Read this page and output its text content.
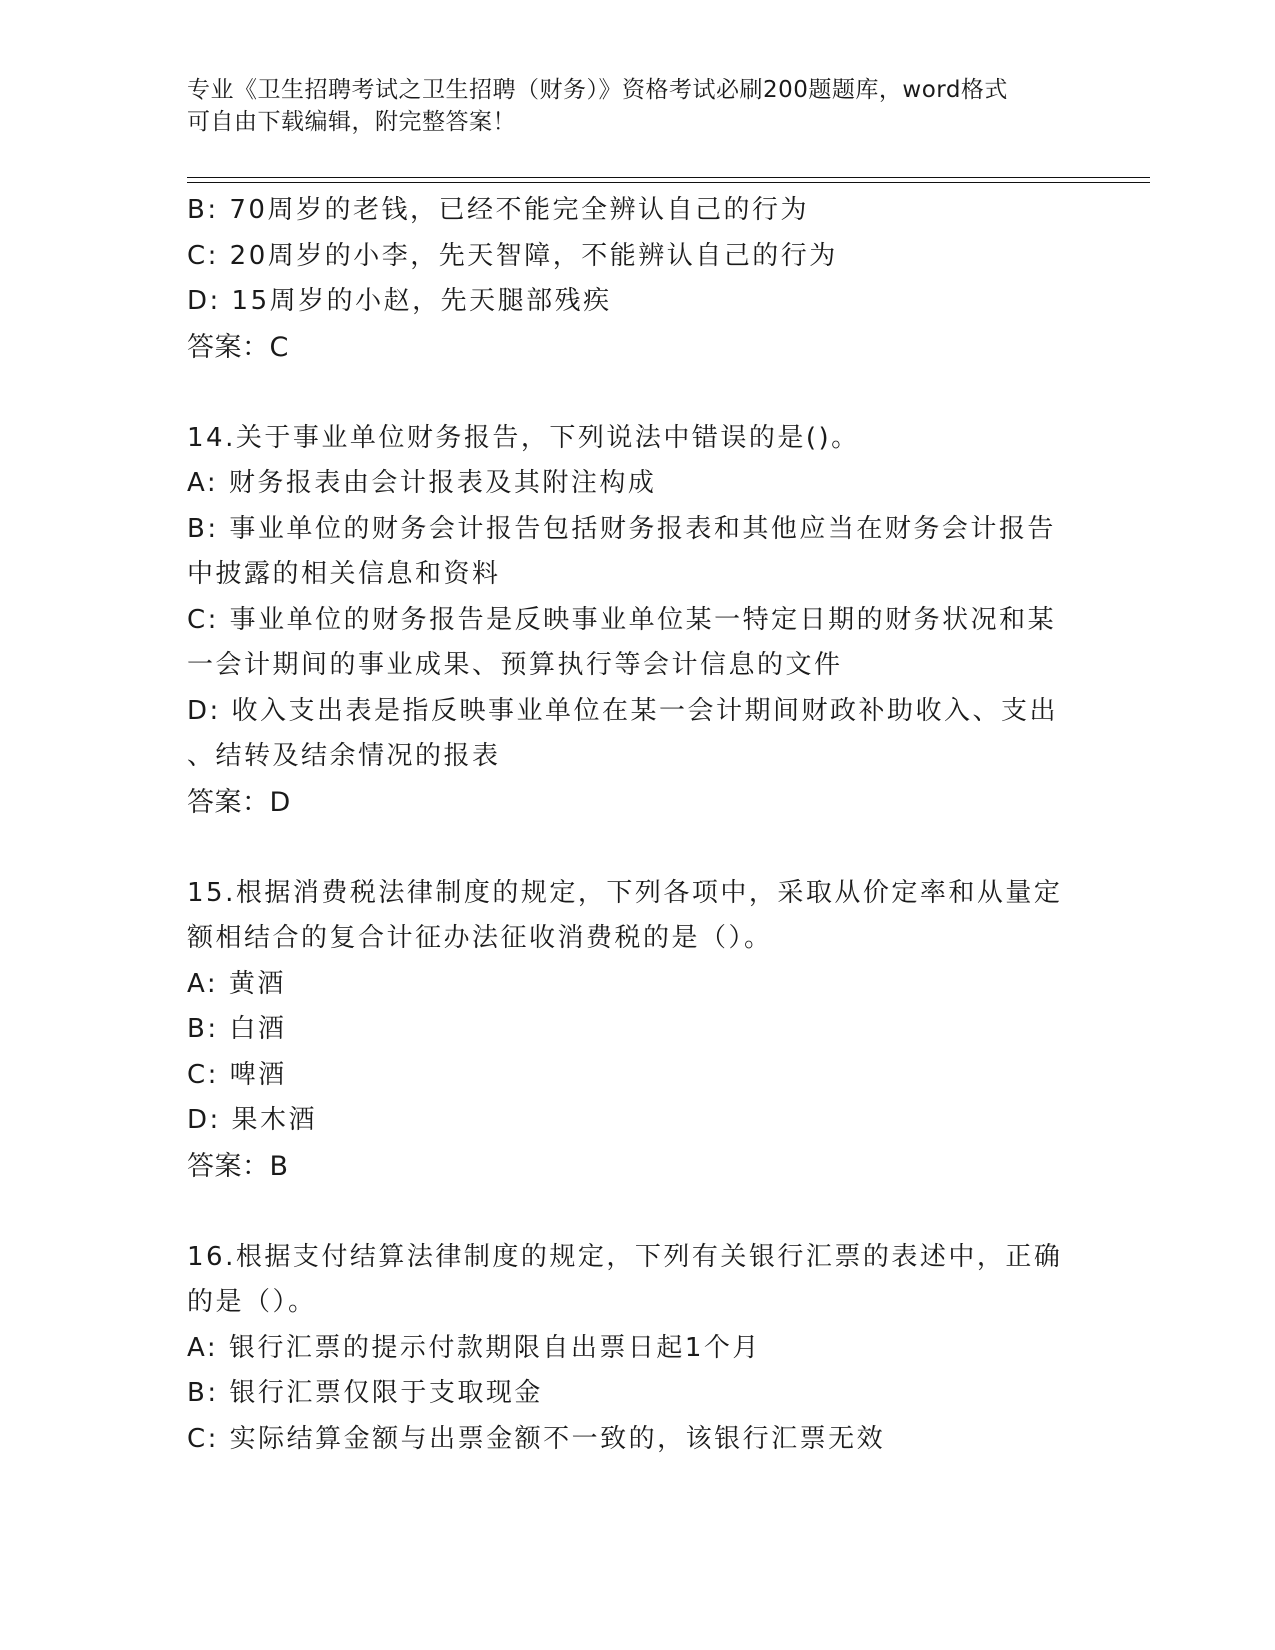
专业《卫生招聘考试之卫生招聘（财务）》资格考试必刷200题题库，word格式
可自由下载编辑，附完整答案！
B: 70周岁的老钱，已经不能完全辨认自己的行为
C: 20周岁的小李，先天智障，不能辨认自己的行为
D: 15周岁的小赵，先天腿部残疾
答案：C
14.关于事业单位财务报告，下列说法中错误的是()。
A: 财务报表由会计报表及其附注构成
B: 事业单位的财务会计报告包括财务报表和其他应当在财务会计报告
中披露的相关信息和资料
C: 事业单位的财务报告是反映事业单位某一特定日期的财务状况和某
一会计期间的事业成果、预算执行等会计信息的文件
D: 收入支出表是指反映事业单位在某一会计期间财政补助收入、支出
、结转及结余情况的报表
答案：D
15.根据消费税法律制度的规定，下列各项中，采取从价定率和从量定
额相结合的复合计征办法征收消费税的是（）。
A: 黄酒
B: 白酒
C: 啤酒
D: 果木酒
答案：B
16.根据支付结算法律制度的规定，下列有关银行汇票的表述中，正确
的是（）。
A: 银行汇票的提示付款期限自出票日起1个月
B: 银行汇票仅限于支取现金
C: 实际结算金额与出票金额不一致的，该银行汇票无效
